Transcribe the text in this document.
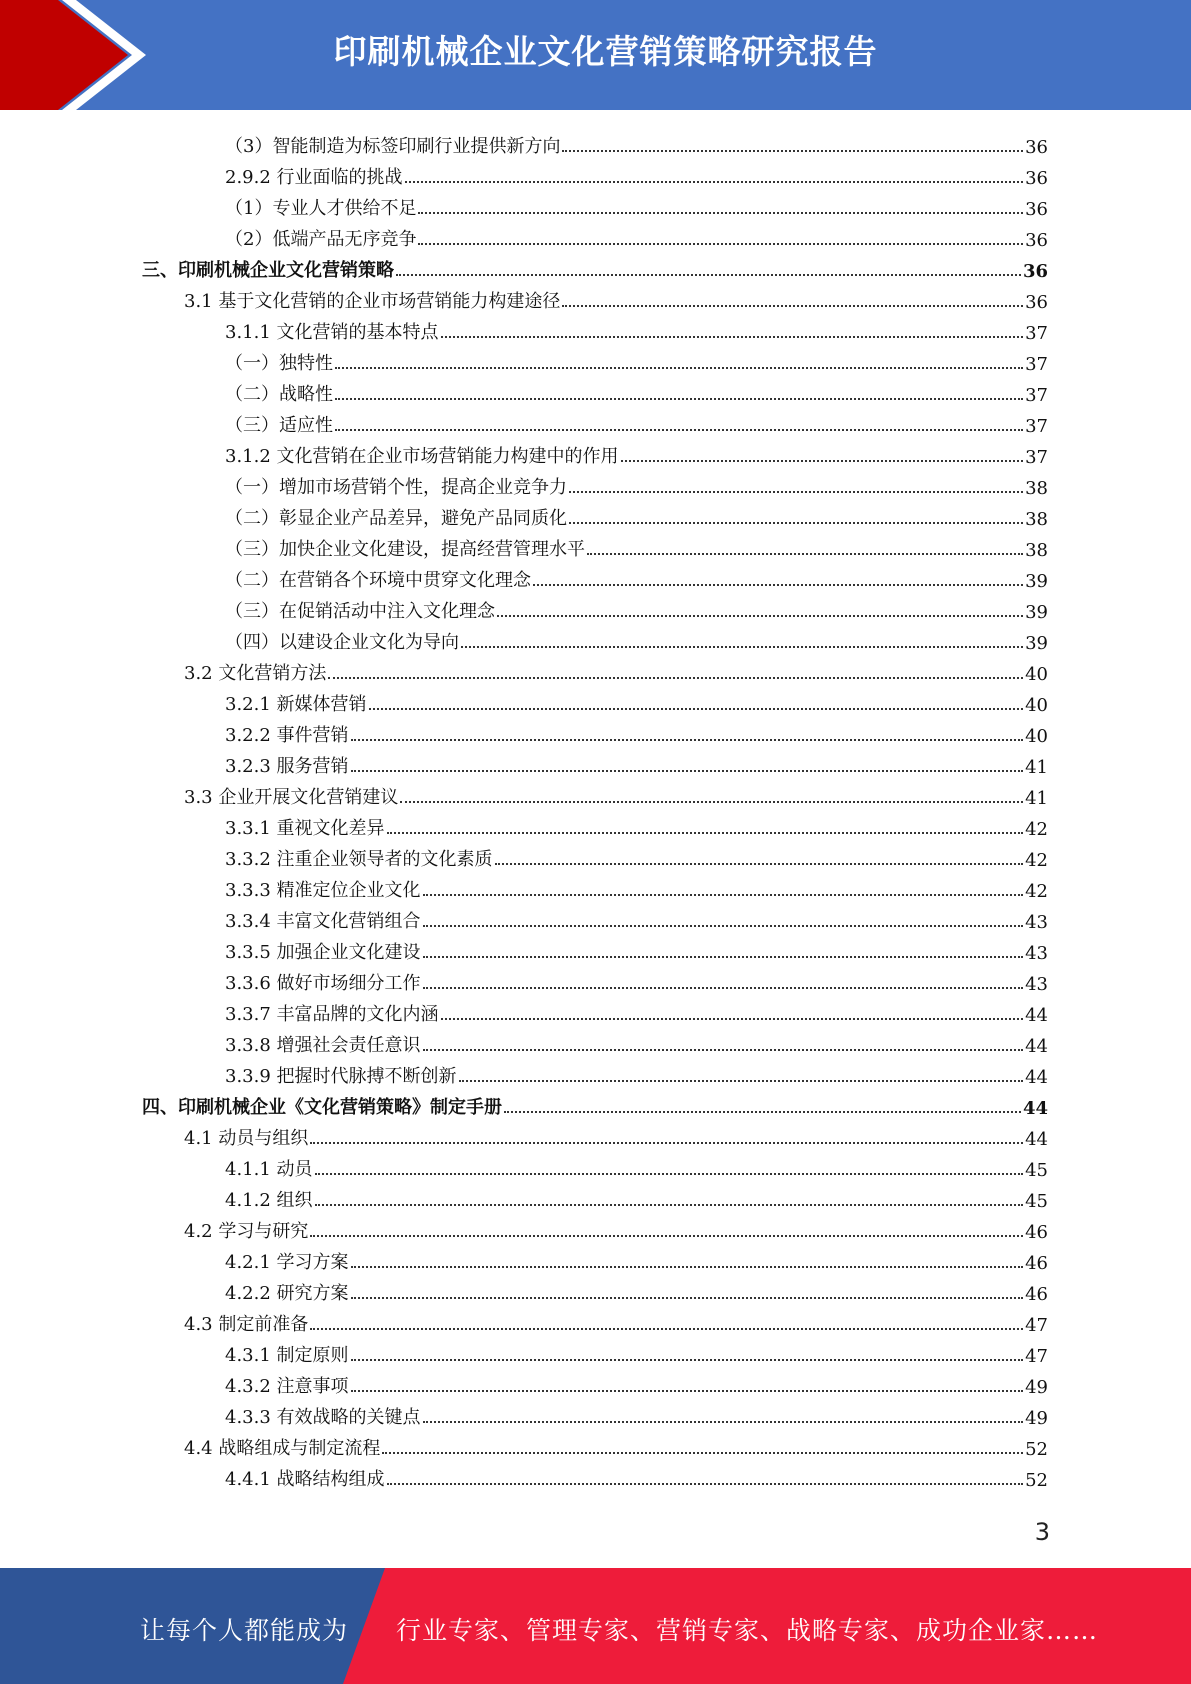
印刷机械企业文化营销策略研究报告
（3）智能制造为标签印刷行业提供新方向	36
2.9.2 行业面临的挑战	36
（1）专业人才供给不足	36
（2）低端产品无序竞争	36
三、印刷机械企业文化营销策略	36
3.1 基于文化营销的企业市场营销能力构建途径	36
3.1.1 文化营销的基本特点	37
（一）独特性	37
（二）战略性	37
（三）适应性	37
3.1.2 文化营销在企业市场营销能力构建中的作用	37
（一）增加市场营销个性，提高企业竞争力	38
（二）彰显企业产品差异，避免产品同质化	38
（三）加快企业文化建设，提高经营管理水平	38
（二）在营销各个环境中贯穿文化理念	39
（三）在促销活动中注入文化理念	39
（四）以建设企业文化为导向	39
3.2 文化营销方法	40
3.2.1 新媒体营销	40
3.2.2 事件营销	40
3.2.3 服务营销	41
3.3 企业开展文化营销建议	41
3.3.1 重视文化差异	42
3.3.2 注重企业领导者的文化素质	42
3.3.3 精准定位企业文化	42
3.3.4 丰富文化营销组合	43
3.3.5 加强企业文化建设	43
3.3.6 做好市场细分工作	43
3.3.7 丰富品牌的文化内涵	44
3.3.8 增强社会责任意识	44
3.3.9 把握时代脉搏不断创新	44
四、印刷机械企业《文化营销策略》制定手册	44
4.1 动员与组织	44
4.1.1 动员	45
4.1.2 组织	45
4.2 学习与研究	46
4.2.1 学习方案	46
4.2.2 研究方案	46
4.3 制定前准备	47
4.3.1 制定原则	47
4.3.2 注意事项	49
4.3.3 有效战略的关键点	49
4.4 战略组成与制定流程	52
4.4.1 战略结构组成	52
3
让每个人都能成为 行业专家、管理专家、营销专家、战略专家、成功企业家……
